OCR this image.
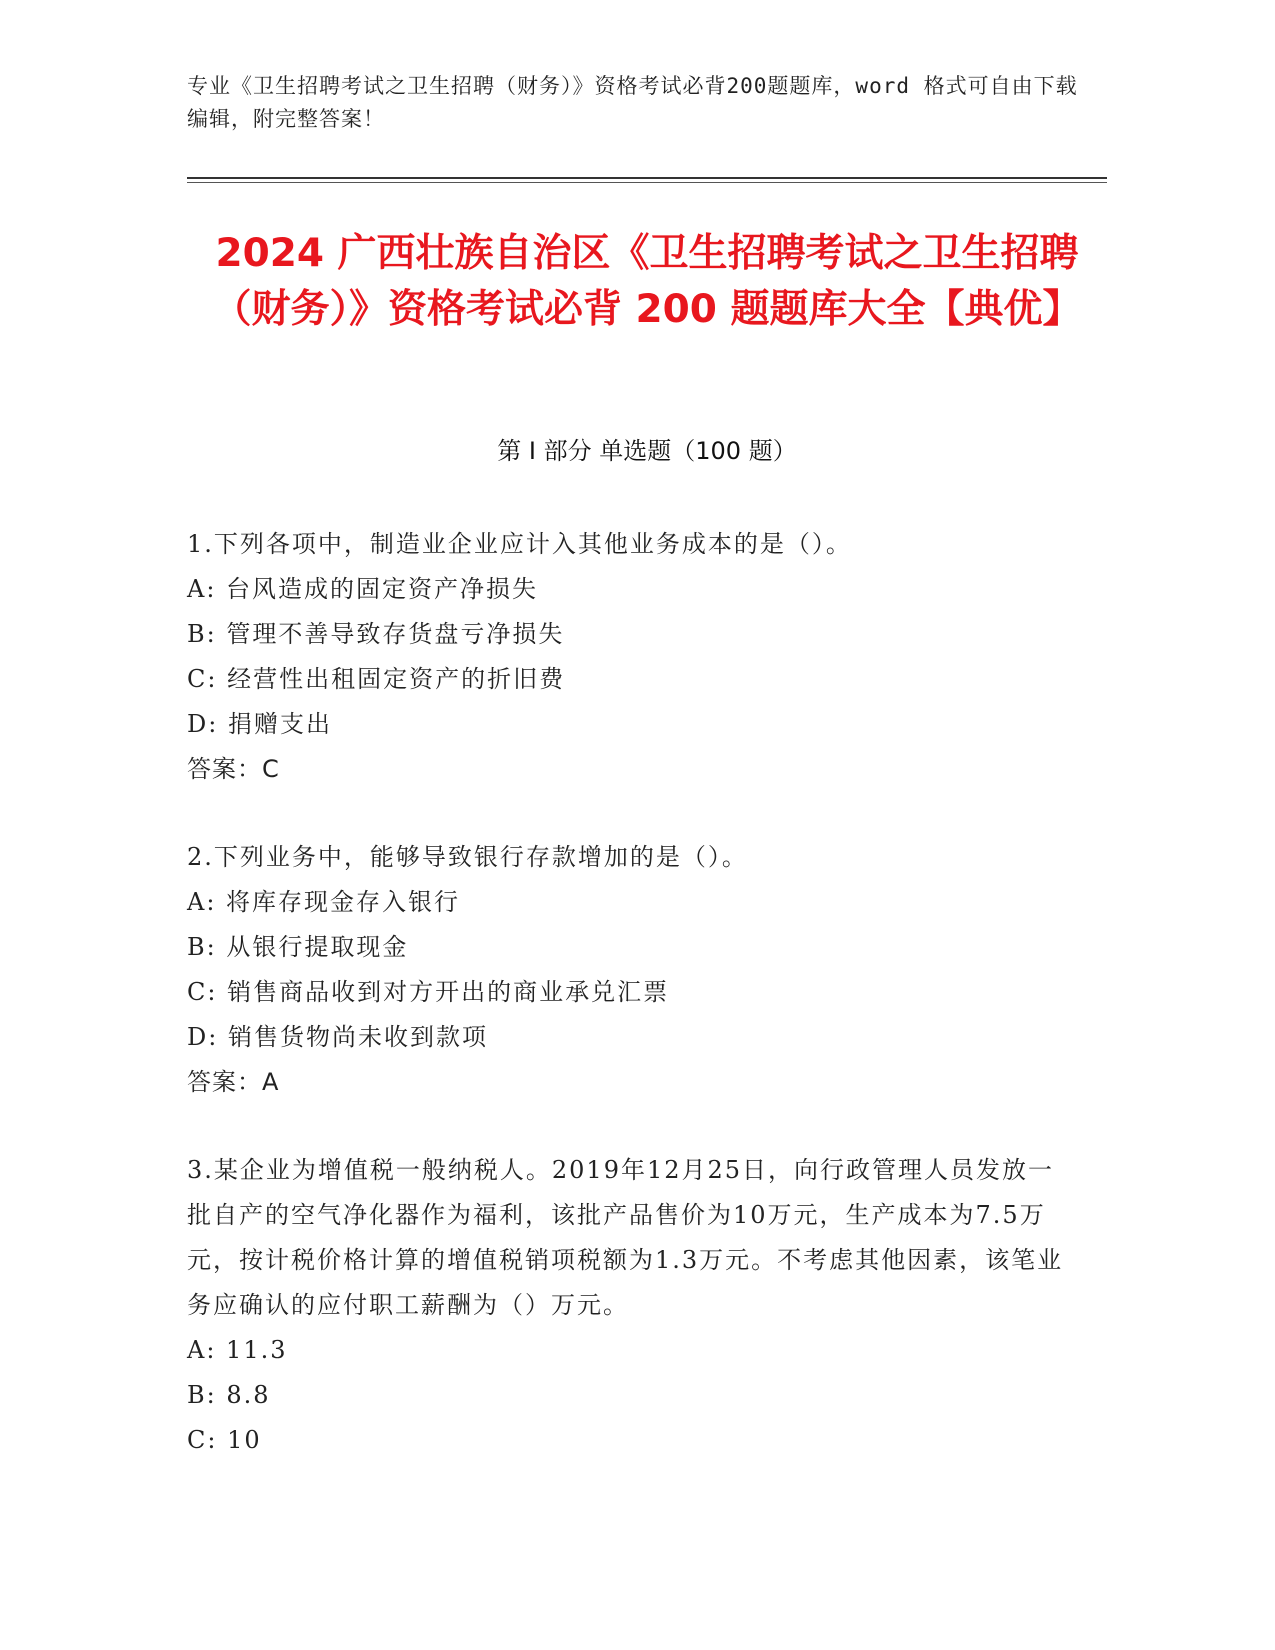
专业《卫生招聘考试之卫生招聘（财务）》资格考试必背200题题库，word 格式可自由下载编辑，附完整答案！
2024 广西壮族自治区《卫生招聘考试之卫生招聘（财务）》资格考试必背 200 题题库大全【典优】
第 I 部分 单选题（100 题）

1.下列各项中，制造业企业应计入其他业务成本的是（）。

A: 台风造成的固定资产净损失

B: 管理不善导致存货盘亏净损失

C: 经营性出租固定资产的折旧费

D: 捐赠支出

答案：C

2.下列业务中，能够导致银行存款增加的是（）。

A: 将库存现金存入银行

B: 从银行提取现金

C: 销售商品收到对方开出的商业承兑汇票

D: 销售货物尚未收到款项

答案：A

3.某企业为增值税一般纳税人。2019年12月25日，向行政管理人员发放一批自产的空气净化器作为福利，该批产品售价为10万元，生产成本为7.5万元，按计税价格计算的增值税销项税额为1.3万元。不考虑其他因素，该笔业务应确认的应付职工薪酬为（）万元。

A: 11.3

B: 8.8

C: 10
